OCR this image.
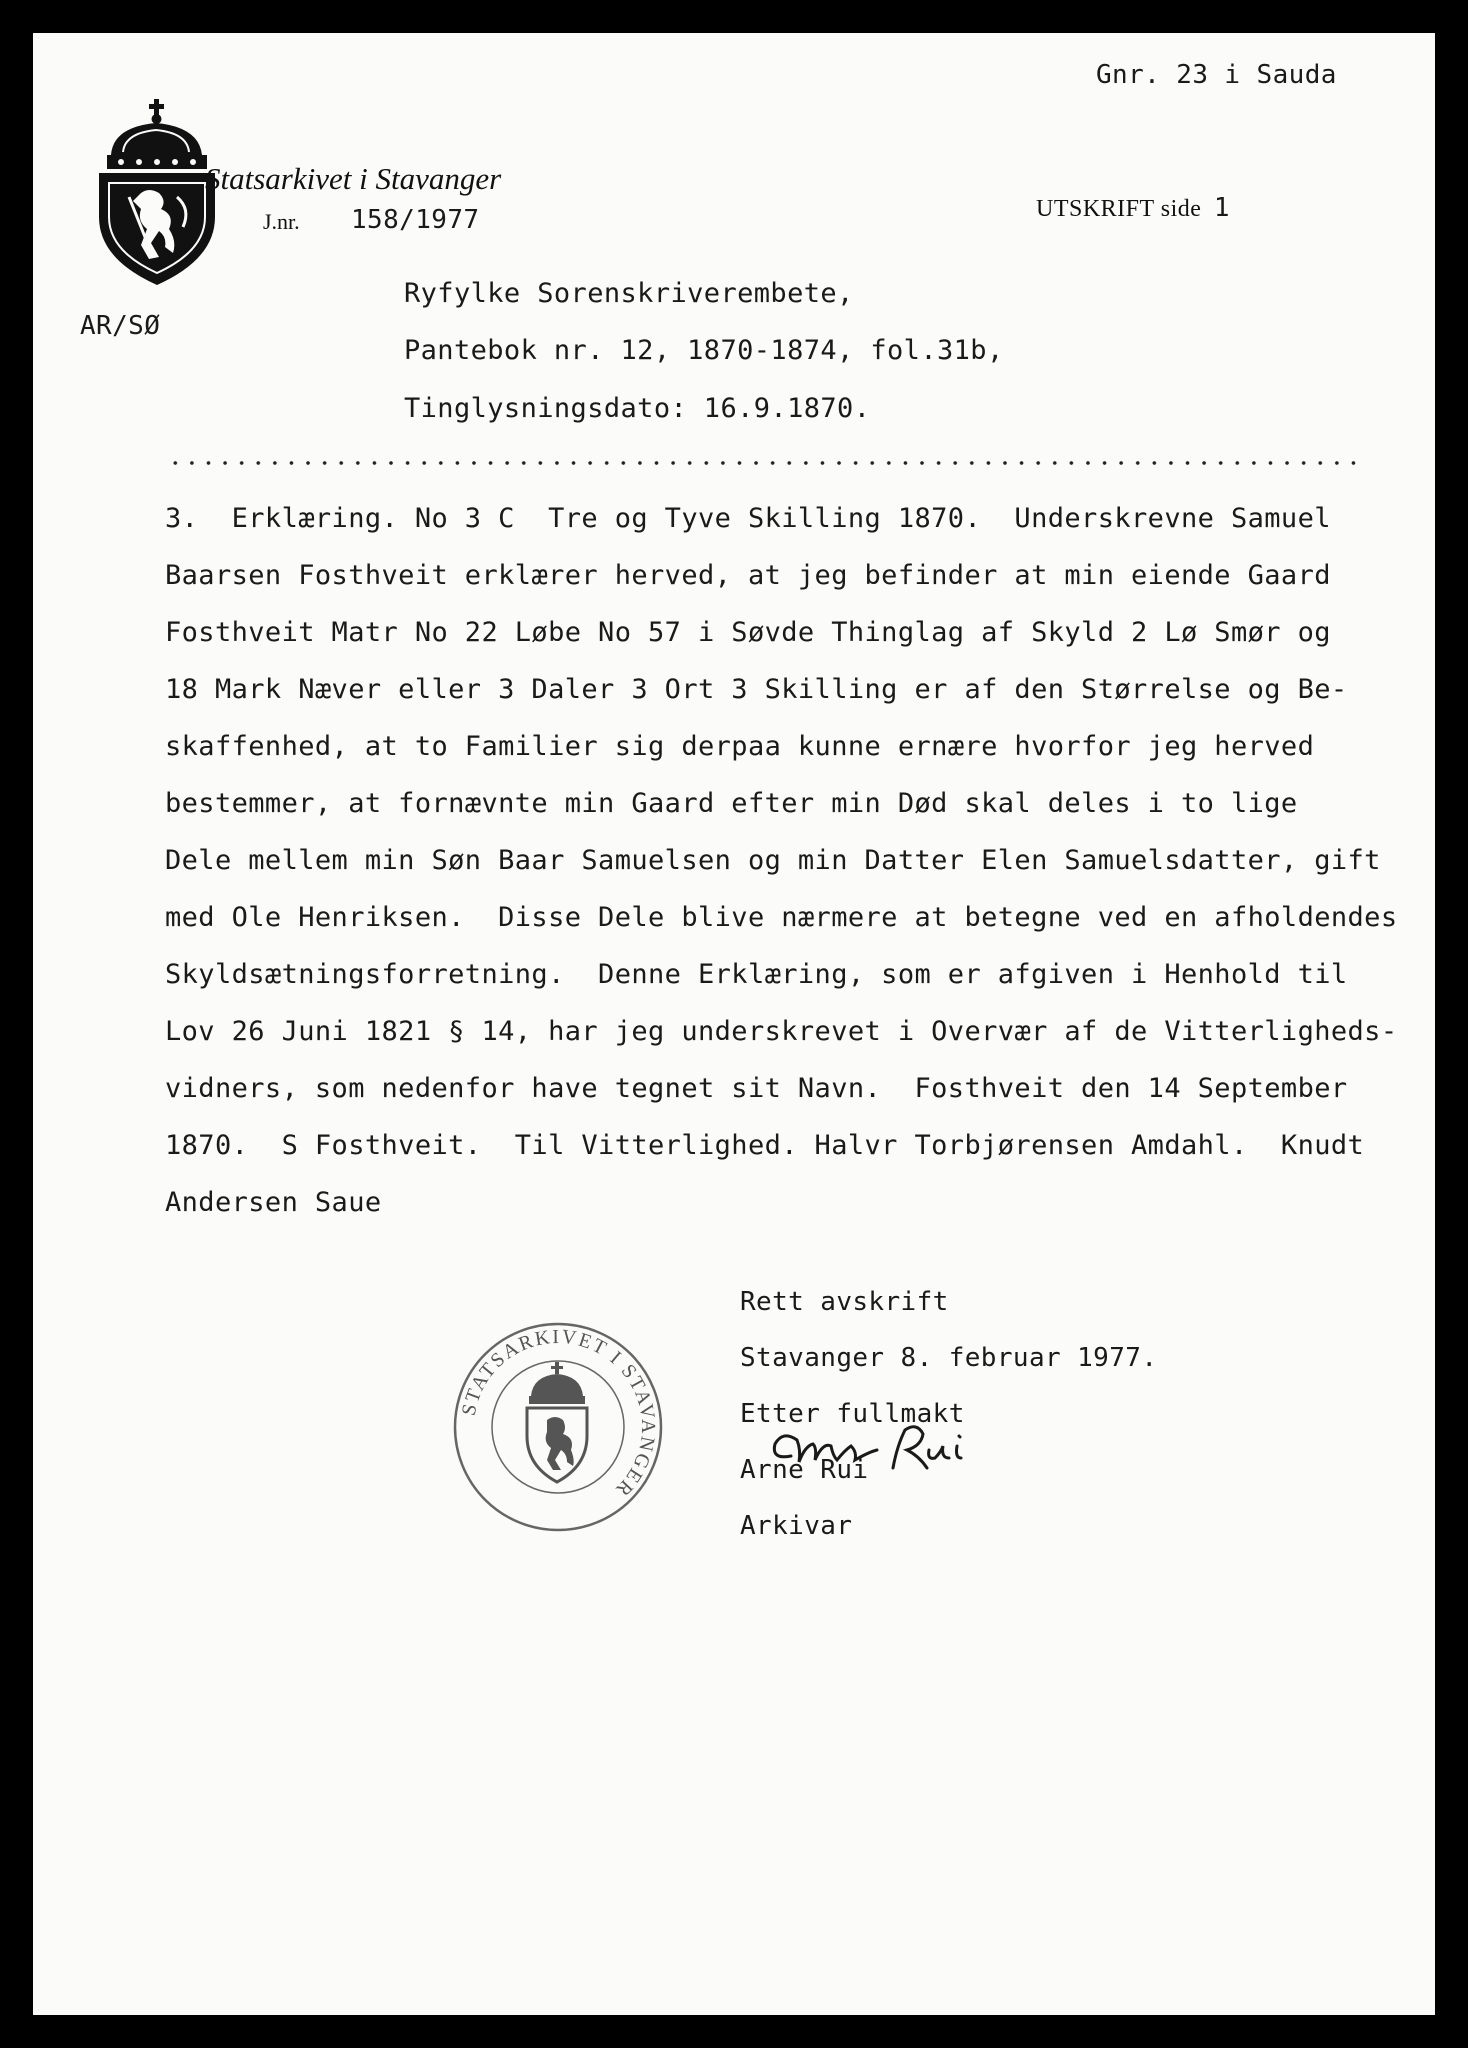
Gnr. 23 i Sauda
Statsarkivet i Stavanger
J.nr. 158/1977	UTSKRIFT side 1
AR/SØ
Ryfylke Sorenskriverembete,
Pantebok nr. 12, 1870-1874, fol.31b,
Tinglysningsdato: 16.9.1870.
3.  Erklæring. No 3 C  Tre og Tyve Skilling 1870.  Underskrevne Samuel
Baarsen Fosthveit erklærer herved, at jeg befinder at min eiende Gaard
Fosthveit Matr No 22 Løbe No 57 i Søvde Thinglag af Skyld 2 Lø Smør og
18 Mark Næver eller 3 Daler 3 Ort 3 Skilling er af den Størrelse og Be-
skaffenhed, at to Familier sig derpaa kunne ernære hvorfor jeg herved
bestemmer, at fornævnte min Gaard efter min Død skal deles i to lige
Dele mellem min Søn Baar Samuelsen og min Datter Elen Samuelsdatter, gift
med Ole Henriksen.  Disse Dele blive nærmere at betegne ved en afholdendes
Skyldsætningsforretning.  Denne Erklæring, som er afgiven i Henhold til
Lov 26 Juni 1821 § 14, har jeg underskrevet i Overvær af de Vitterligheds-
vidners, som nedenfor have tegnet sit Navn.  Fosthveit den 14 September
1870.  S Fosthveit.  Til Vitterlighed. Halvr Torbjørensen Amdahl.  Knudt
Andersen Saue
Rett avskrift
Stavanger 8. februar 1977.
Etter fullmakt
Arne Rui
Arkivar
STATSARKIVET I STAVANGER
